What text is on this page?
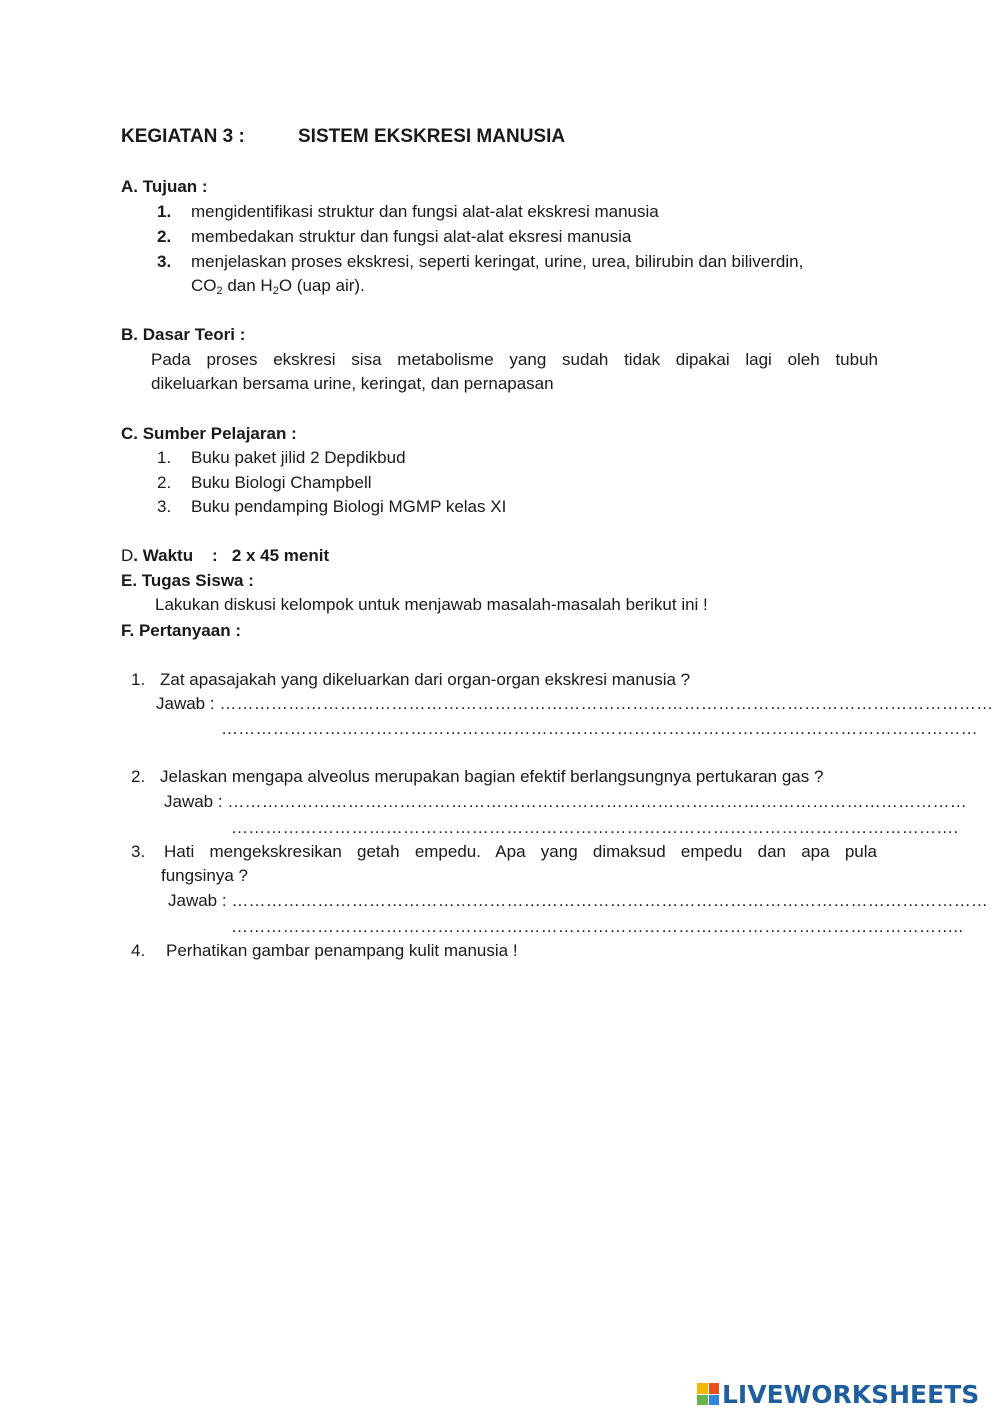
KEGIATAN 3 :	SISTEM EKSKRESI MANUSIA
A. Tujuan :
1. mengidentifikasi struktur dan fungsi alat-alat ekskresi manusia
2. membedakan struktur dan fungsi alat-alat eksresi manusia
3. menjelaskan proses ekskresi, seperti keringat, urine, urea, bilirubin dan biliverdin,
$CO_2$ dan $H_2O$ (uap air).
B. Dasar Teori :
Pada proses ekskresi sisa metabolisme yang sudah tidak dipakai lagi oleh tubuh
dikeluarkan bersama urine, keringat, dan pernapasan
C. Sumber Pelajaran :
1. Buku paket jilid 2 Depdikbud
2. Buku Biologi Champbell
3. Buku pendamping Biologi MGMP kelas XI
D. Waktu    :   2 x 45 menit
E. Tugas Siswa :
Lakukan diskusi kelompok untuk menjawab masalah-masalah berikut ini !
F. Pertanyaan :
1. Zat apasajakah yang dikeluarkan dari organ-organ ekskresi manusia ?
Jawab : ………………………………………………………………………………………………………………………
……………………………………………………………………………………………………………………
2. Jelaskan mengapa alveolus merupakan bagian efektif berlangsungnya pertukaran gas ?
Jawab : …………………………………………………………………………………………………………………
……………………………………………………………………………………………………………….
3. Hati mengekskresikan getah empedu. Apa yang dimaksud empedu dan apa pula
fungsinya ?
Jawab : ……………………………………………………………………………………………………………………
………………………………………………………………………………………………………………..
4. Perhatikan gambar penampang kulit manusia !
LIVEWORKSHEETS
